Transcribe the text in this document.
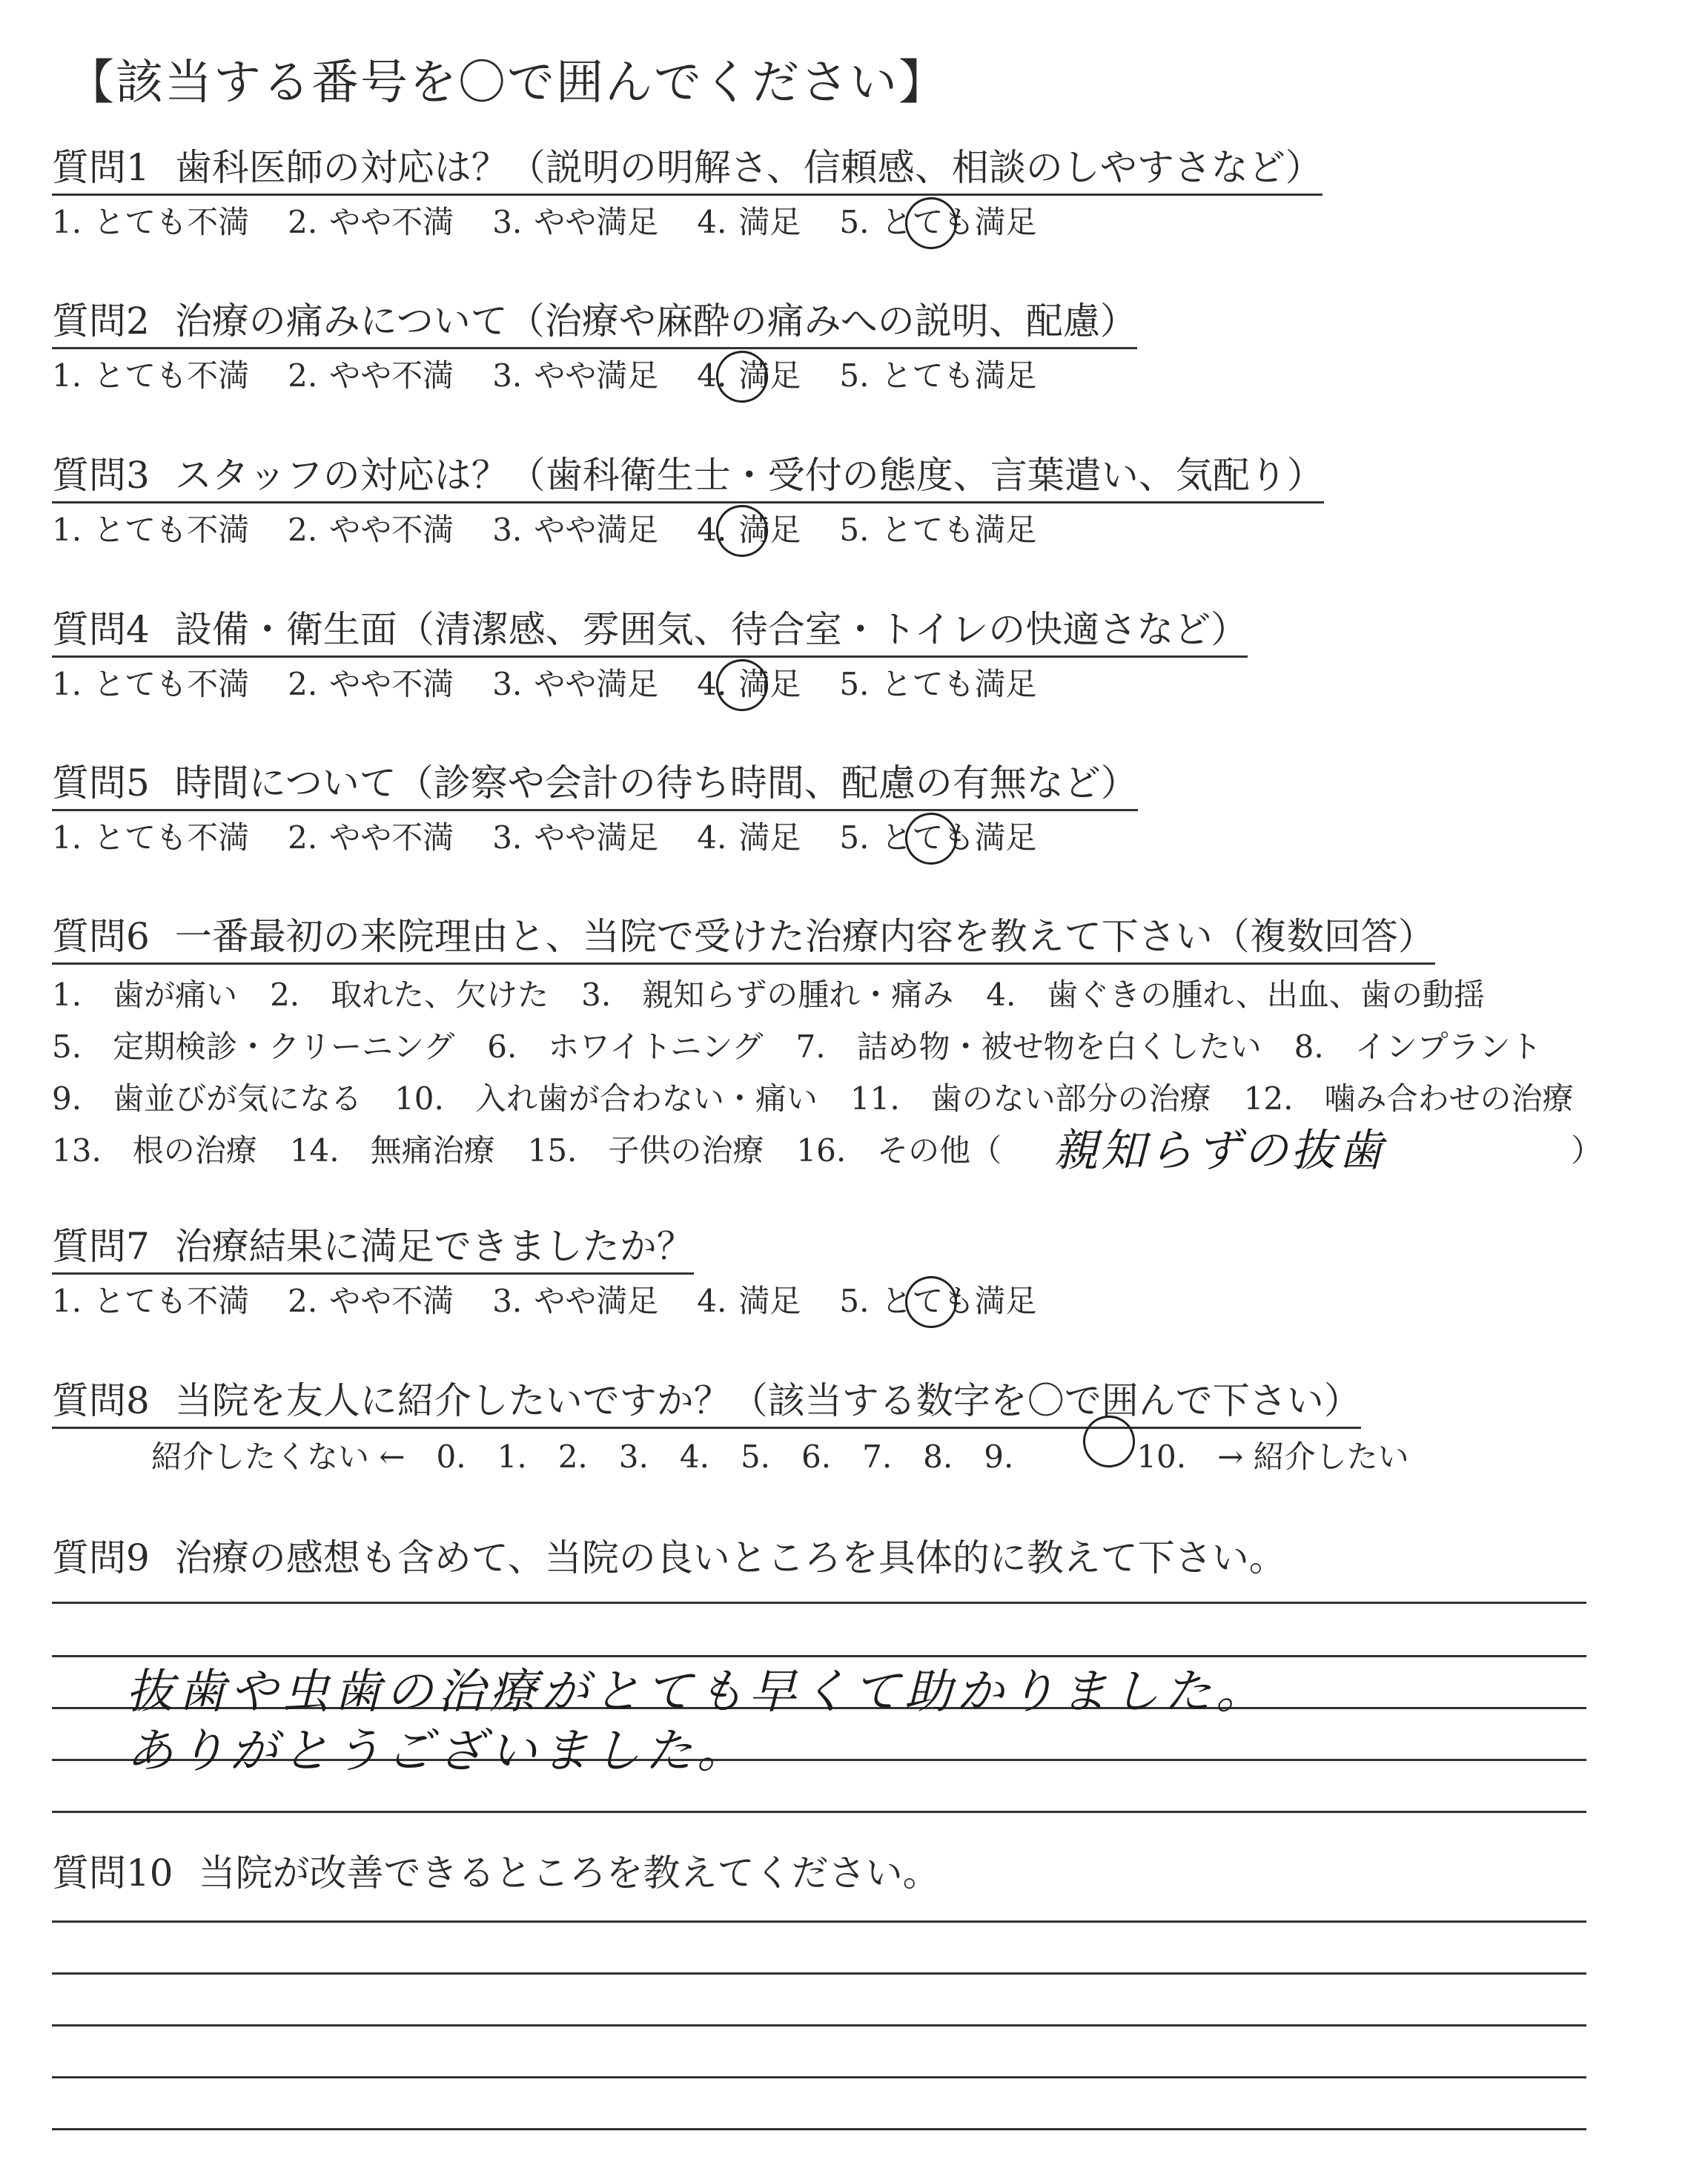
【該当する番号を〇で囲んでください】
質問1 歯科医師の対応は？（説明の明解さ、信頼感、相談のしやすさなど）
1. とても不満 2. やや不満 3. やや満足 4. 満足 5. とても満足
質問2 治療の痛みについて（治療や麻酔の痛みへの説明、配慮）
1. とても不満 2. やや不満 3. やや満足 4. 満足 5. とても満足
質問3 スタッフの対応は？（歯科衛生士・受付の態度、言葉遣い、気配り）
1. とても不満 2. やや不満 3. やや満足 4. 満足 5. とても満足
質問4 設備・衛生面（清潔感、雰囲気、待合室・トイレの快適さなど）
1. とても不満 2. やや不満 3. やや満足 4. 満足 5. とても満足
質問5 時間について（診察や会計の待ち時間、配慮の有無など）
1. とても不満 2. やや不満 3. やや満足 4. 満足 5. とても満足
質問6 一番最初の来院理由と、当院で受けた治療内容を教えて下さい（複数回答）
1.　歯が痛い 2.　取れた、欠けた 3.　親知らずの腫れ・痛み 4.　歯ぐきの腫れ、出血、歯の動揺
5.　定期検診・クリーニング 6.　ホワイトニング 7.　詰め物・被せ物を白くしたい 8.　インプラント
9.　歯並びが気になる 10.　入れ歯が合わない・痛い 11.　歯のない部分の治療 12.　噛み合わせの治療
13.　根の治療 14.　無痛治療 15.　子供の治療 16.　その他（ 親知らずの抜歯	）
質問7 治療結果に満足できましたか？
1. とても不満 2. やや不満 3. やや満足 4. 満足 5. とても満足
質問8 当院を友人に紹介したいですか？（該当する数字を〇で囲んで下さい）
紹介したくない ← 0. 1. 2. 3. 4. 5. 6. 7. 8. 9.	10. → 紹介したい
質問9 治療の感想も含めて、当院の良いところを具体的に教えて下さい。
抜歯や虫歯の治療がとても早くて助かりました。
ありがとうございました。
質問10 当院が改善できるところを教えてください。
